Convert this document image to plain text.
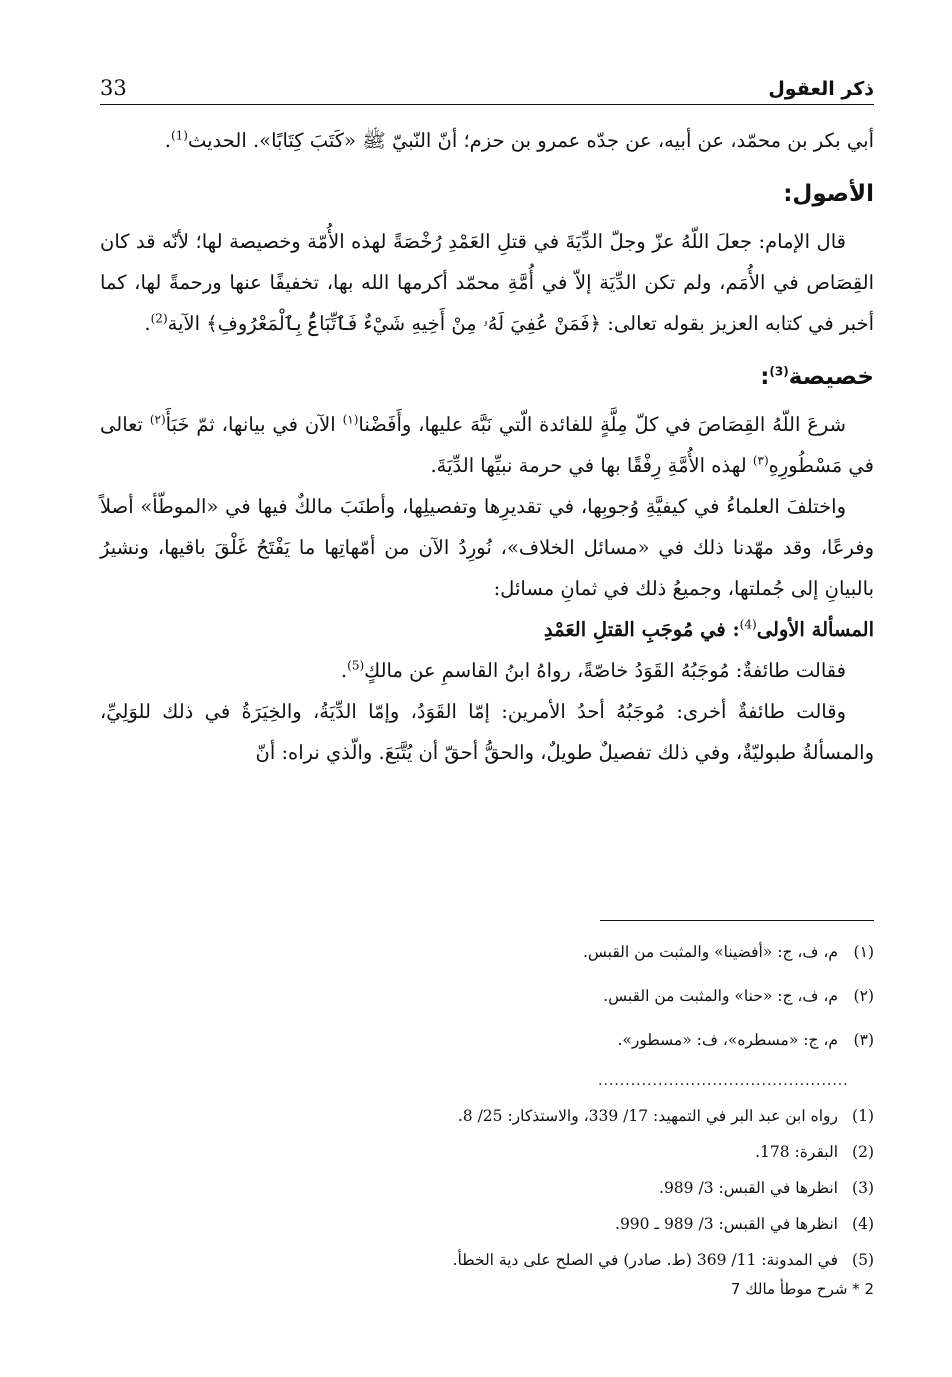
33	ذكر العقول

أبي بكر بن محمّد، عن أبيه، عن جدّه عمرو بن حزم؛ أنّ النّبيّ ﷺ «كَتَبَ كِتَابًا». الحديث$^{(1)}$.

الأصول:

قال الإمام: جعلَ اللّهُ عزّ وجلّ الدِّيَةَ في قتلِ العَمْدِ رُخْصَةً لهذه الأُمّة وخصيصة لها؛ لأنّه قد كان القِصَاص في الأُمَم، ولم تكن الدِّيَة إلاّ في أُمَّةِ محمّد أكرمها الله بها، تخفيفًا عنها ورحمةً لها، كما أخبر في كتابه العزيز بقوله تعالى: ﴿فَمَنْ عُفِيَ لَهُۥ مِنْ أَخِيهِ شَيْءٌ فَٱتِّبَاعٌۢ بِٱلْمَعْرُوفِ﴾ الآية$^{(2)}$.

خصيصة$^{(3)}$:

شرعَ اللّهُ القِصَاصَ في كلّ مِلَّةٍ للفائدة الّتي نَبَّهَ عليها، وأَفَضْنا$^{(١)}$ الآن في بيانها، ثمّ خَبَأَ$^{(٢)}$ تعالى في مَسْطُورِهِ$^{(٣)}$ لهذه الأُمَّةِ رِفْقًا بها في حرمة نبيِّها الدِّيَةَ.

واختلفَ العلماءُ في كيفيَّةِ وُجوبِها، في تقديرِها وتفصيلِها، وأطنَبَ مالكٌ فيها في «الموطّأ» أصلاً وفرعًا، وقد مهّدنا ذلك في «مسائل الخلاف»، نُورِدُ الآن من أمّهاتِها ما يَفْتَحُ غَلْقَ باقيها، ونشيرُ بالبيانِ إلى جُملتها، وجميعُ ذلك في ثمانِ مسائل:

المسألة الأولى$^{(4)}$: في مُوجَبِ القتلِ العَمْدِ

فقالت طائفةٌ: مُوجَبُهُ القَوَدُ خاصّةً، رواهُ ابنُ القاسمِ عن مالكٍ$^{(5)}$.

وقالت طائفةٌ أخرى: مُوجَبُهُ أحدُ الأمرين: إمّا القَوَدُ، وإمّا الدِّيَةُ، والخِيَرَةُ في ذلك للوَلِيِّ، والمسألةُ طبوليّةٌ، وفي ذلك تفصيلٌ طويلٌ، والحقُّ أحقّ أن يُتَّبَعَ. والّذي نراه: أنّ

(١)
م، ف، ج: «أفضينا» والمثبت من القبس.
(٢)
م، ف، ج: «حنا» والمثبت من القبس.
(٣)
م، ج: «مسطره»، ف: «مسطور».
..............................................
(1)
رواه ابن عبد البر في التمهيد: 17/ 339، والاستذكار: 25/ 8.
(2)
البقرة: 178.
(3)
انظرها في القبس: 3/ 989.
(4)
انظرها في القبس: 3/ 989 ـ 990.
(5)
في المدونة: 11/ 369 (ط. صادر) في الصلح على دية الخطأ.
2 * شرح موطأ مالك 7
